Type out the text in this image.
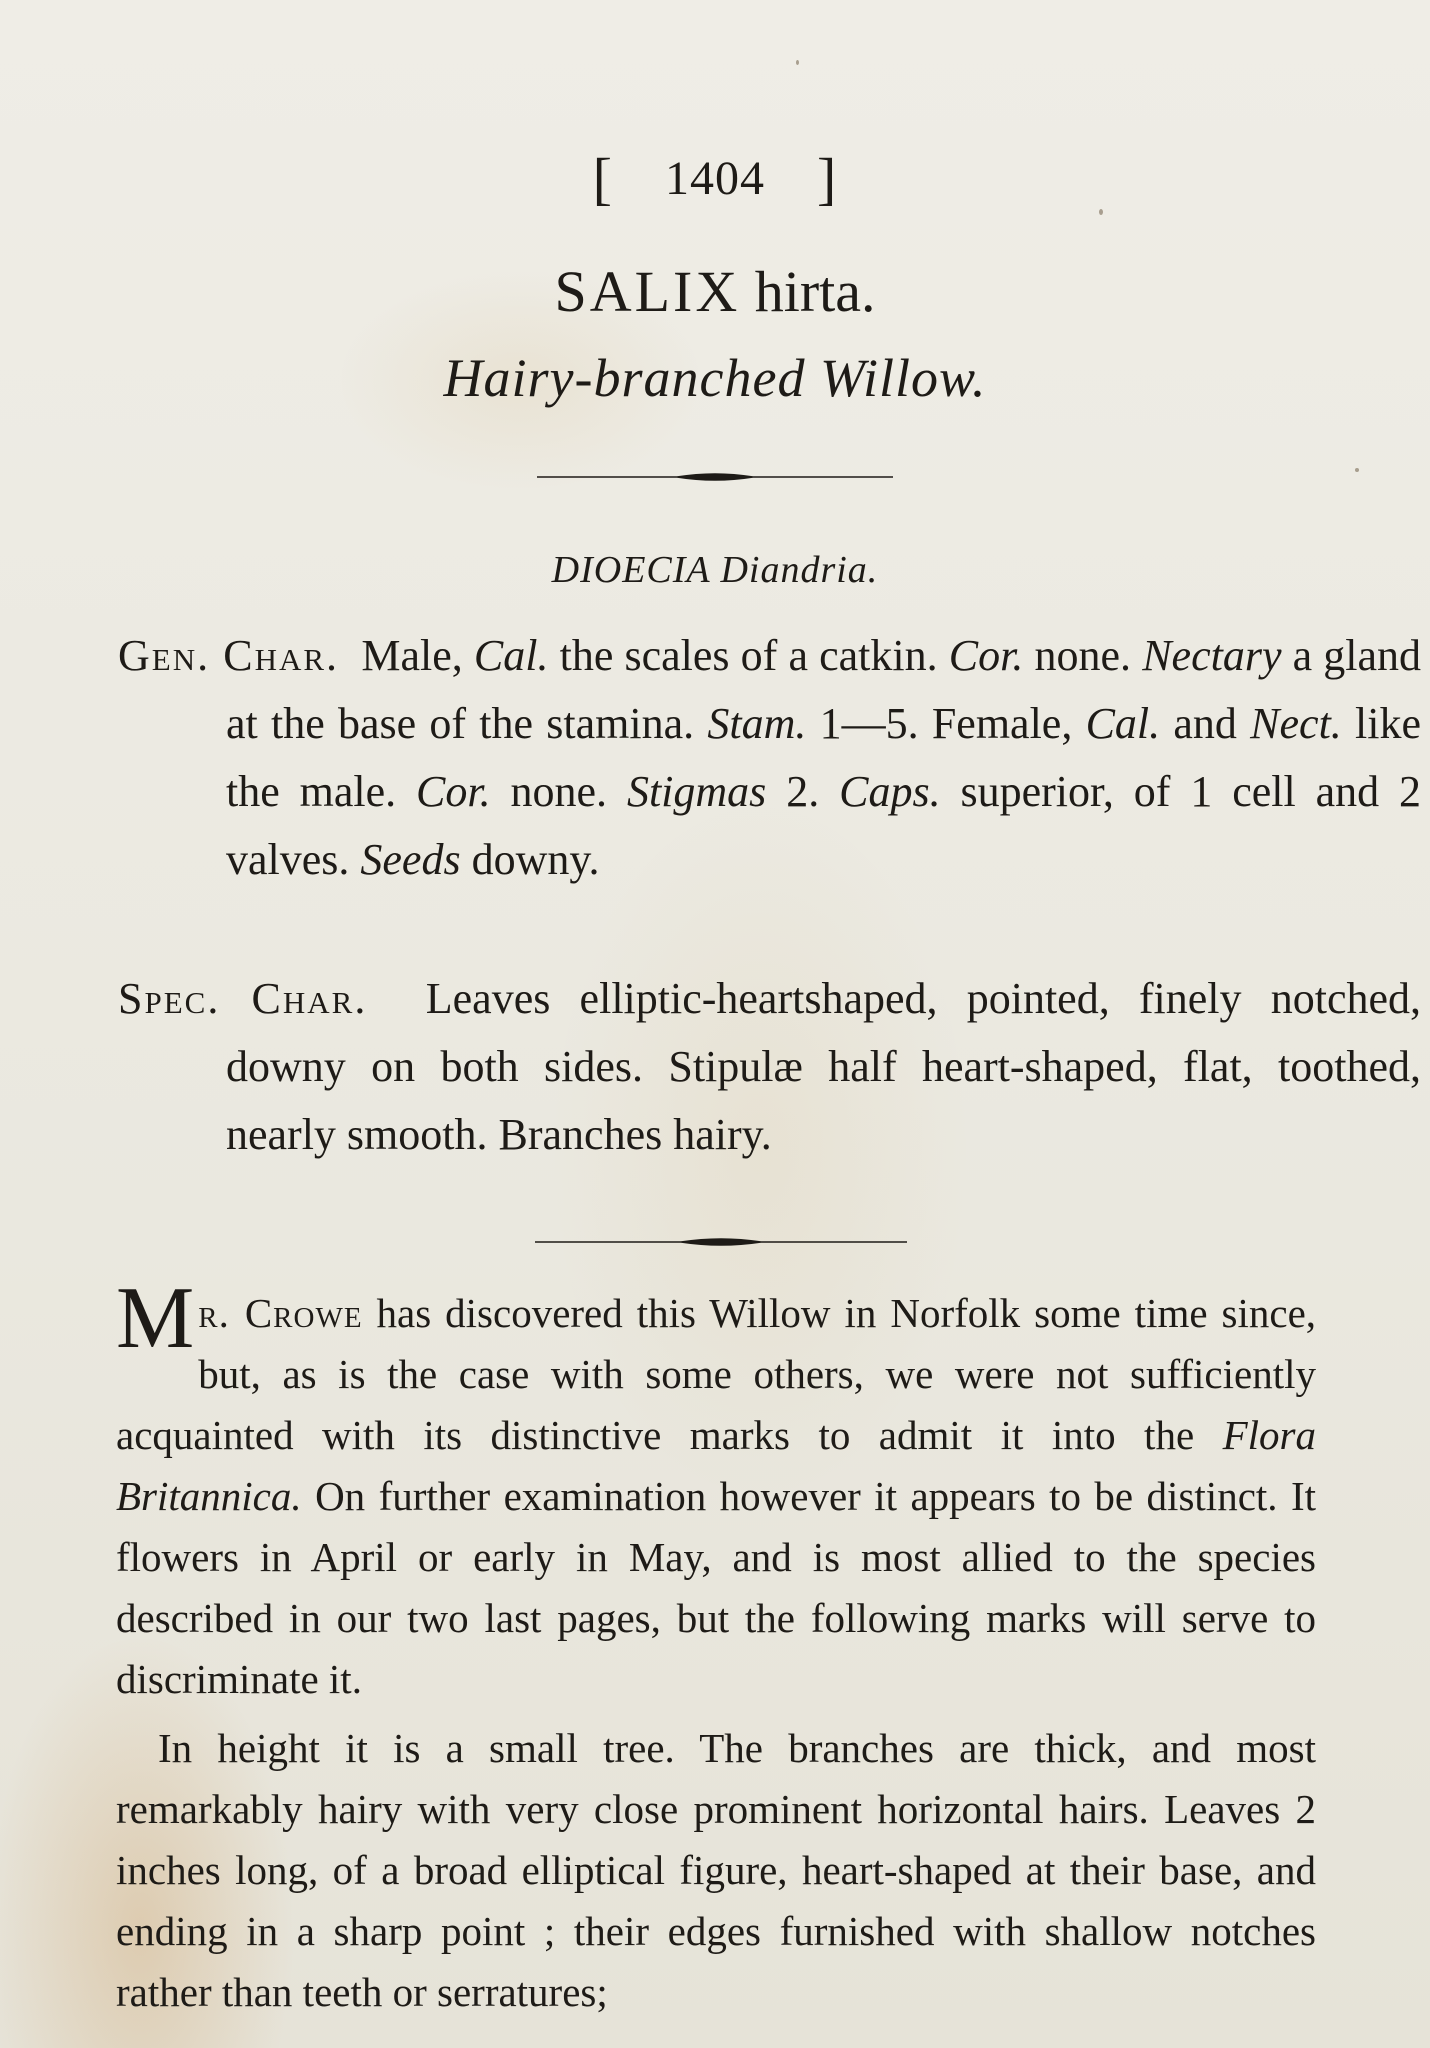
[ 1404 ]
SALIX hirta.
Hairy-branched Willow.
DIOECIA Diandria.
Gen. Char. Male, Cal. the scales of a catkin. Cor. none. Nectary a gland at the base of the stamina. Stam. 1—5. Female, Cal. and Nect. like the male. Cor. none. Stigmas 2. Caps. superior, of 1 cell and 2 valves. Seeds downy.
Spec. Char. Leaves elliptic-heartshaped, pointed, finely notched, downy on both sides. Stipulæ half heart-shaped, flat, toothed, nearly smooth. Branches hairy.
Mr. Crowe has discovered this Willow in Norfolk some time since, but, as is the case with some others, we were not sufficiently acquainted with its distinctive marks to admit it into the Flora Britannica. On further examination however it appears to be distinct. It flowers in April or early in May, and is most allied to the species described in our two last pages, but the following marks will serve to discriminate it.
In height it is a small tree. The branches are thick, and most remarkably hairy with very close prominent horizontal hairs. Leaves 2 inches long, of a broad elliptical figure, heart-shaped at their base, and ending in a sharp point ; their edges furnished with shallow notches rather than teeth or serratures;
